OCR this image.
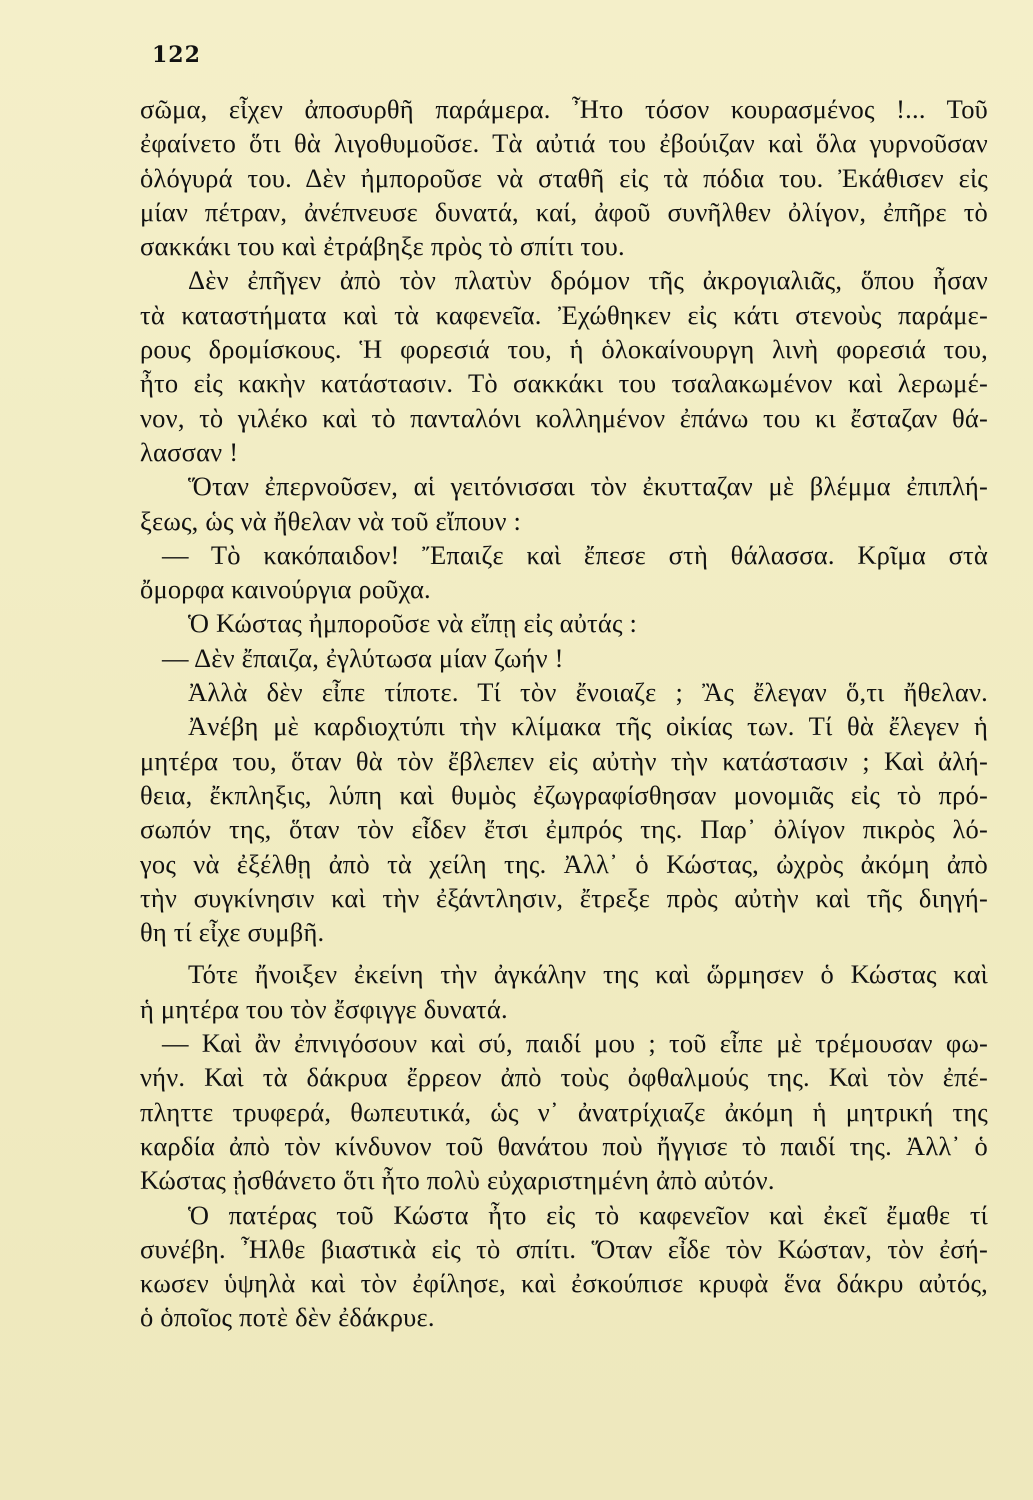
122

σῶμα, εἶχεν ἀποσυρθῆ παράμερα. Ἦτο τόσον κουρασμένος !... Τοῦ
ἐφαίνετο ὅτι θὰ λιγοθυμοῦσε. Τὰ αὐτιά του ἐβούιζαν καὶ ὅλα γυρνοῦσαν
ὁλόγυρά του. Δὲν ἠμποροῦσε νὰ σταθῆ εἰς τὰ πόδια του. Ἐκάθισεν εἰς
μίαν πέτραν, ἀνέπνευσε δυνατά, καί, ἀφοῦ συνῆλθεν ὀλίγον, ἐπῆρε τὸ
σακκάκι του καὶ ἐτράβηξε πρὸς τὸ σπίτι του.
Δὲν ἐπῆγεν ἀπὸ τὸν πλατὺν δρόμον τῆς ἀκρογιαλιᾶς, ὅπου ἦσαν
τὰ καταστήματα καὶ τὰ καφενεῖα. Ἐχώθηκεν εἰς κάτι στενοὺς παράμε-
ρους δρομίσκους. Ἡ φορεσιά του, ἡ ὁλοκαίνουργη λινὴ φορεσιά του,
ἦτο εἰς κακὴν κατάστασιν. Τὸ σακκάκι του τσαλακωμένον καὶ λερωμέ-
νον, τὸ γιλέκο καὶ τὸ πανταλόνι κολλημένον ἐπάνω του κι ἔσταζαν θά-
λασσαν !
Ὅταν ἐπερνοῦσεν, αἱ γειτόνισσαι τὸν ἐκυτταζαν μὲ βλέμμα ἐπιπλή-
ξεως, ὡς νὰ ἤθελαν νὰ τοῦ εἴπουν :
— Τὸ κακόπαιδον! Ἔπαιζε καὶ ἔπεσε στὴ θάλασσα. Κρῖμα στὰ
ὄμορφα καινούργια ροῦχα.
Ὁ Κώστας ἠμποροῦσε νὰ εἴπῃ εἰς αὐτάς :
— Δὲν ἔπαιζα, ἐγλύτωσα μίαν ζωήν !
Ἀλλὰ δὲν εἶπε τίποτε. Τί τὸν ἔνοιαζε ; Ἂς ἔλεγαν ὅ,τι ἤθελαν.
Ἀνέβη μὲ καρδιοχτύπι τὴν κλίμακα τῆς οἰκίας των. Τί θὰ ἔλεγεν ἡ
μητέρα του, ὅταν θὰ τὸν ἔβλεπεν εἰς αὐτὴν τὴν κατάστασιν ; Καὶ ἀλή-
θεια, ἔκπληξις, λύπη καὶ θυμὸς ἐζωγραφίσθησαν μονομιᾶς εἰς τὸ πρό-
σωπόν της, ὅταν τὸν εἶδεν ἔτσι ἐμπρός της. Παρ᾽ ὀλίγον πικρὸς λό-
γος νὰ ἐξέλθῃ ἀπὸ τὰ χείλη της. Ἀλλ᾽ ὁ Κώστας, ὠχρὸς ἀκόμη ἀπὸ
τὴν συγκίνησιν καὶ τὴν ἐξάντλησιν, ἔτρεξε πρὸς αὐτὴν καὶ τῆς διηγή-
θη τί εἶχε συμβῆ.
Τότε ἤνοιξεν ἐκείνη τὴν ἀγκάλην της καὶ ὥρμησεν ὁ Κώστας καὶ
ἡ μητέρα του τὸν ἔσφιγγε δυνατά.
— Καὶ ἂν ἐπνιγόσουν καὶ σύ, παιδί μου ; τοῦ εἶπε μὲ τρέμουσαν φω-
νήν. Καὶ τὰ δάκρυα ἔρρεον ἀπὸ τοὺς ὀφθαλμούς της. Καὶ τὸν ἐπέ-
πληττε τρυφερά, θωπευτικά, ὡς ν᾽ ἀνατρίχιαζε ἀκόμη ἡ μητρική της
καρδία ἀπὸ τὸν κίνδυνον τοῦ θανάτου ποὺ ἤγγισε τὸ παιδί της. Ἀλλ᾽ ὁ
Κώστας ᾐσθάνετο ὅτι ἦτο πολὺ εὐχαριστημένη ἀπὸ αὐτόν.
Ὁ πατέρας τοῦ Κώστα ἦτο εἰς τὸ καφενεῖον καὶ ἐκεῖ ἔμαθε τί
συνέβη. Ἦλθε βιαστικὰ εἰς τὸ σπίτι. Ὅταν εἶδε τὸν Κώσταν, τὸν ἐσή-
κωσεν ὑψηλὰ καὶ τὸν ἐφίλησε, καὶ ἐσκούπισε κρυφὰ ἕνα δάκρυ αὐτός,
ὁ ὁποῖος ποτὲ δὲν ἐδάκρυε.
